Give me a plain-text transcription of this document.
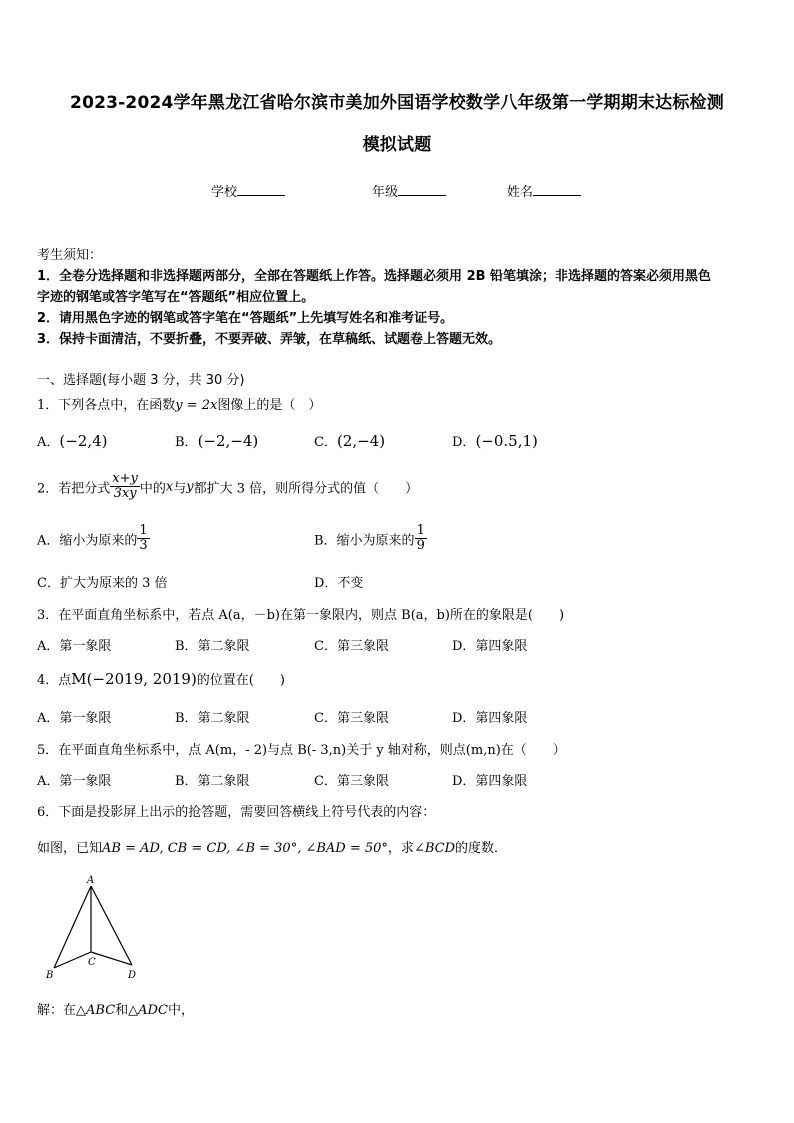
2023-2024学年黑龙江省哈尔滨市美加外国语学校数学八年级第一学期期末达标检测
模拟试题
学校	年级	姓名
考生须知：
1．全卷分选择题和非选择题两部分，全部在答题纸上作答。选择题必须用 2B 铅笔填涂；非选择题的答案必须用黑色
字迹的钢笔或答字笔写在“答题纸”相应位置上。
2．请用黑色字迹的钢笔或答字笔在“答题纸”上先填写姓名和准考证号。
3．保持卡面清洁，不要折叠，不要弄破、弄皱，在草稿纸、试题卷上答题无效。
一、选择题(每小题 3 分，共 30 分)
1．下列各点中，在函数y = 2x图像上的是（　）
A．(−2,4)	B．(−2,−4)	C．(2,−4)	D．(−0.5,1)
2．若把分式 $\frac{x+y}{3xy}$ 中的x与y都扩大 3 倍，则所得分式的值（　　）
A．缩小为原来的 $\frac{1}{3}$	B．缩小为原来的 $\frac{1}{9}$
C．扩大为原来的 3 倍	D．不变
3．在平面直角坐标系中，若点 A(a，－b)在第一象限内，则点 B(a，b)所在的象限是(　　)
A．第一象限	B．第二象限	C．第三象限	D．第四象限
4．点M(−2019, 2019)的位置在(　　)
A．第一象限	B．第二象限	C．第三象限	D．第四象限
5．在平面直角坐标系中，点 A(m，- 2)与点 B(- 3,n)关于 y 轴对称，则点(m,n)在（　　）
A．第一象限	B．第二象限	C．第三象限	D．第四象限
6．下面是投影屏上出示的抢答题，需要回答横线上符号代表的内容：
如图，已知AB = AD, CB = CD, ∠B = 30°, ∠BAD = 50°，求∠BCD的度数．
A
B
C
D
解：在△ABC和△ADC中，
